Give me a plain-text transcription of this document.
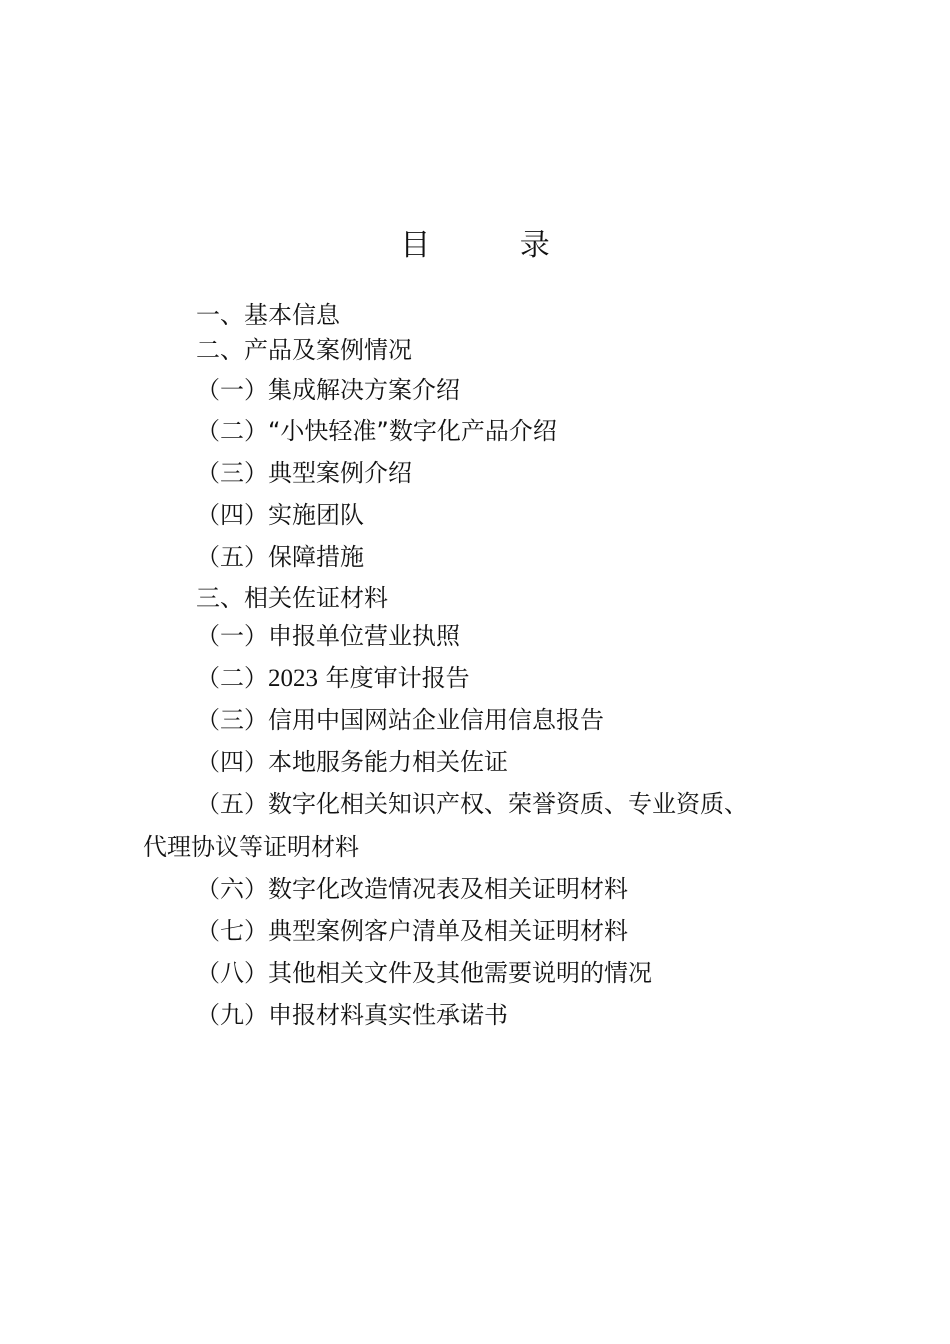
目 录
一、基本信息
二、产品及案例情况
（一）集成解决方案介绍
（二）“小快轻准”数字化产品介绍
（三）典型案例介绍
（四）实施团队
（五）保障措施
三、相关佐证材料
（一）申报单位营业执照
（二）2023 年度审计报告
（三）信用中国网站企业信用信息报告
（四）本地服务能力相关佐证
（五）数字化相关知识产权、荣誉资质、专业资质、
代理协议等证明材料
（六）数字化改造情况表及相关证明材料
（七）典型案例客户清单及相关证明材料
（八）其他相关文件及其他需要说明的情况
（九）申报材料真实性承诺书
